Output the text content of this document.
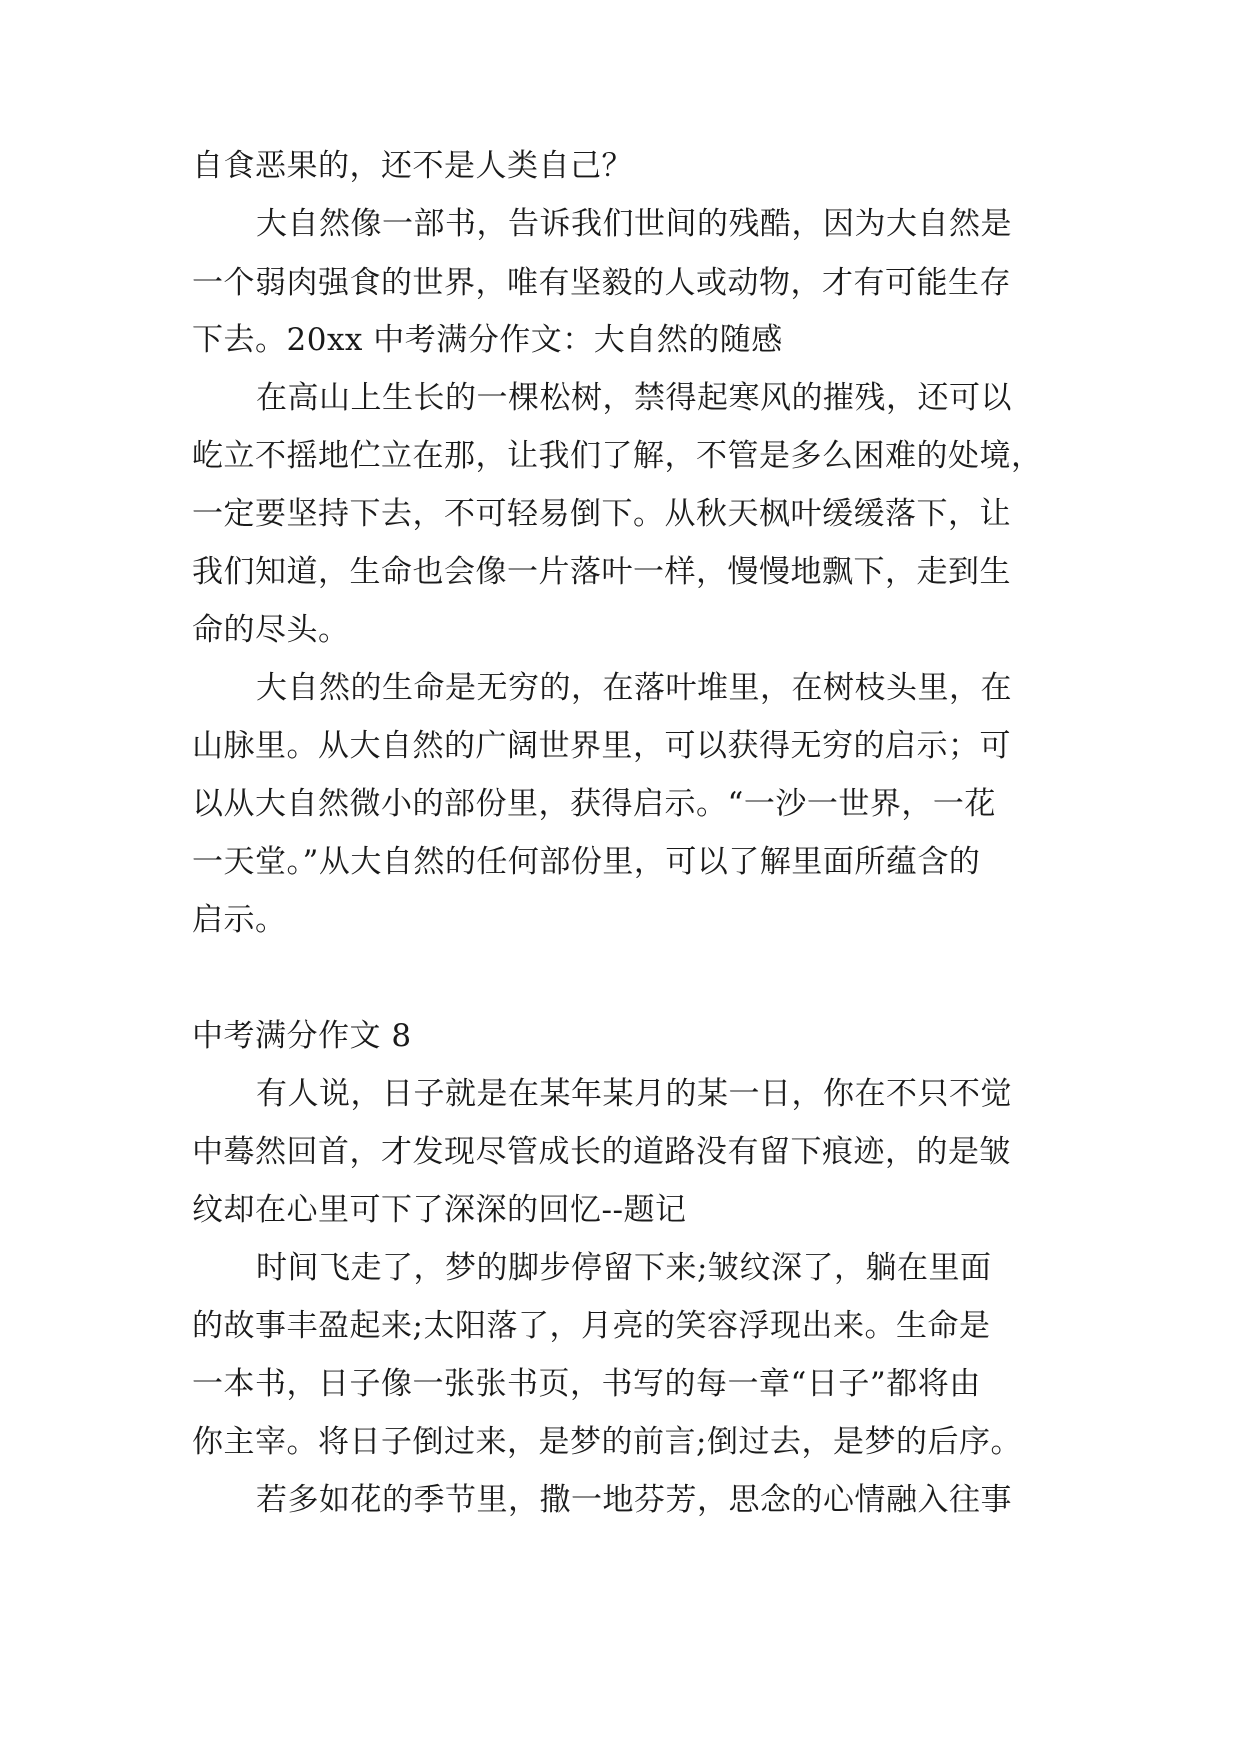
自食恶果的，还不是人类自己？

大自然像一部书，告诉我们世间的残酷，因为大自然是

一个弱肉强食的世界，唯有坚毅的人或动物，才有可能生存

下去。20xx 中考满分作文：大自然的随感

在高山上生长的一棵松树，禁得起寒风的摧残，还可以

屹立不摇地伫立在那，让我们了解，不管是多么困难的处境，

一定要坚持下去，不可轻易倒下。从秋天枫叶缓缓落下，让

我们知道，生命也会像一片落叶一样，慢慢地飘下，走到生

命的尽头。

大自然的生命是无穷的，在落叶堆里，在树枝头里，在

山脉里。从大自然的广阔世界里，可以获得无穷的启示；可

以从大自然微小的部份里，获得启示。“一沙一世界，一花

一天堂。”从大自然的任何部份里，可以了解里面所蕴含的

启示。

中考满分作文 8

有人说，日子就是在某年某月的某一日，你在不只不觉

中蓦然回首，才发现尽管成长的道路没有留下痕迹，的是皱

纹却在心里可下了深深的回忆--题记

时间飞走了，梦的脚步停留下来;皱纹深了，躺在里面

的故事丰盈起来;太阳落了，月亮的笑容浮现出来。生命是

一本书，日子像一张张书页，书写的每一章“日子”都将由

你主宰。将日子倒过来，是梦的前言;倒过去，是梦的后序。

若多如花的季节里，撒一地芬芳，思念的心情融入往事
